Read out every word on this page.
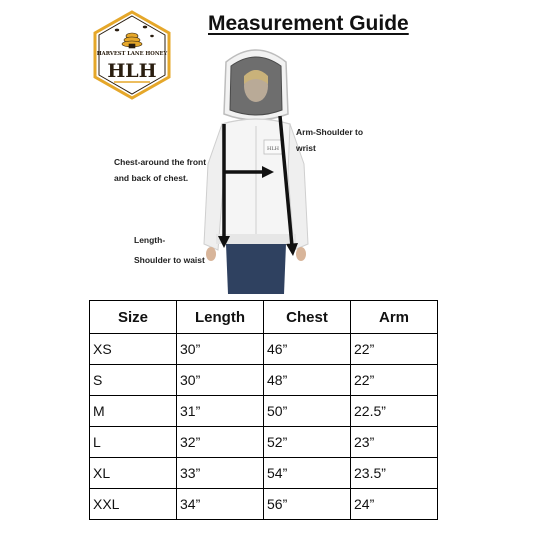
HARVEST LANE HONEY
HLH
Measurement Guide
HLH
Arm-Shoulder to wrist
Chest-around the front and back of chest.
Length-
Shoulder to waist
Size	Length	Chest	Arm
XS	30”	46”	22”
S	30”	48”	22”
M	31”	50”	22.5”
L	32”	52”	23”
XL	33”	54”	23.5”
XXL	34”	56”	24”
